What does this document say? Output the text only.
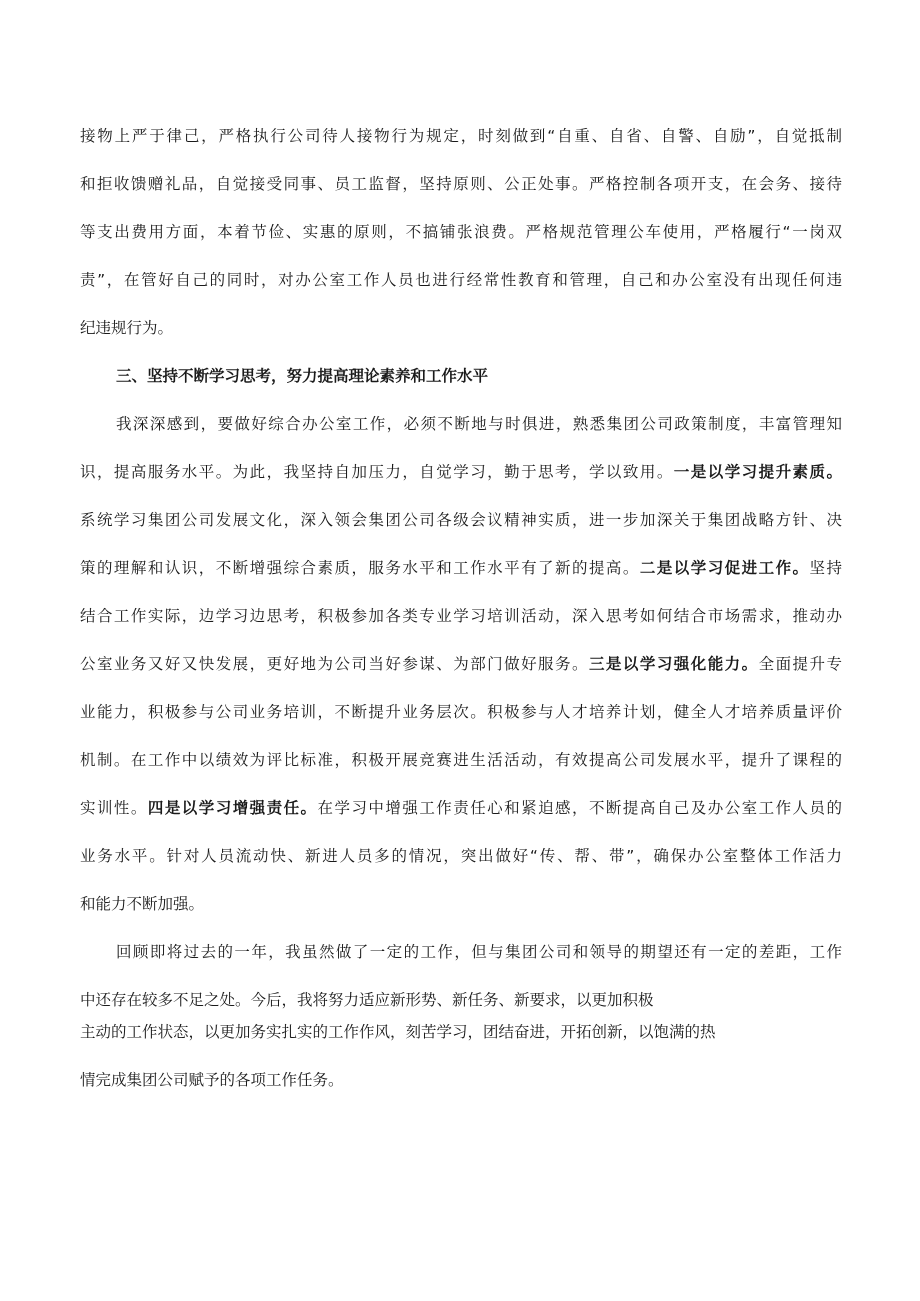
接物上严于律己，严格执行公司待人接物行为规定，时刻做到“自重、自省、自警、自励”，自觉抵制
和拒收馈赠礼品，自觉接受同事、员工监督，坚持原则、公正处事。严格控制各项开支，在会务、接待
等支出费用方面，本着节俭、实惠的原则，不搞铺张浪费。严格规范管理公车使用，严格履行“一岗双
责”，在管好自己的同时，对办公室工作人员也进行经常性教育和管理，自己和办公室没有出现任何违
纪违规行为。
三、坚持不断学习思考，努力提高理论素养和工作水平
我深深感到，要做好综合办公室工作，必须不断地与时俱进，熟悉集团公司政策制度，丰富管理知
识，提高服务水平。为此，我坚持自加压力，自觉学习，勤于思考，学以致用。一是以学习提升素质。
系统学习集团公司发展文化，深入领会集团公司各级会议精神实质，进一步加深关于集团战略方针、决
策的理解和认识，不断增强综合素质，服务水平和工作水平有了新的提高。二是以学习促进工作。坚持
结合工作实际，边学习边思考，积极参加各类专业学习培训活动，深入思考如何结合市场需求，推动办
公室业务又好又快发展，更好地为公司当好参谋、为部门做好服务。三是以学习强化能力。全面提升专
业能力，积极参与公司业务培训，不断提升业务层次。积极参与人才培养计划，健全人才培养质量评价
机制。在工作中以绩效为评比标准，积极开展竞赛进生活活动，有效提高公司发展水平，提升了课程的
实训性。四是以学习增强责任。在学习中增强工作责任心和紧迫感，不断提高自己及办公室工作人员的
业务水平。针对人员流动快、新进人员多的情况，突出做好“传、帮、带”，确保办公室整体工作活力
和能力不断加强。
回顾即将过去的一年，我虽然做了一定的工作，但与集团公司和领导的期望还有一定的差距，工作
中还存在较多不足之处。今后，我将努力适应新形势、新任务、新要求，以更加积极
主动的工作状态，以更加务实扎实的工作作风，刻苦学习，团结奋进，开拓创新，以饱满的热
情完成集团公司赋予的各项工作任务。
